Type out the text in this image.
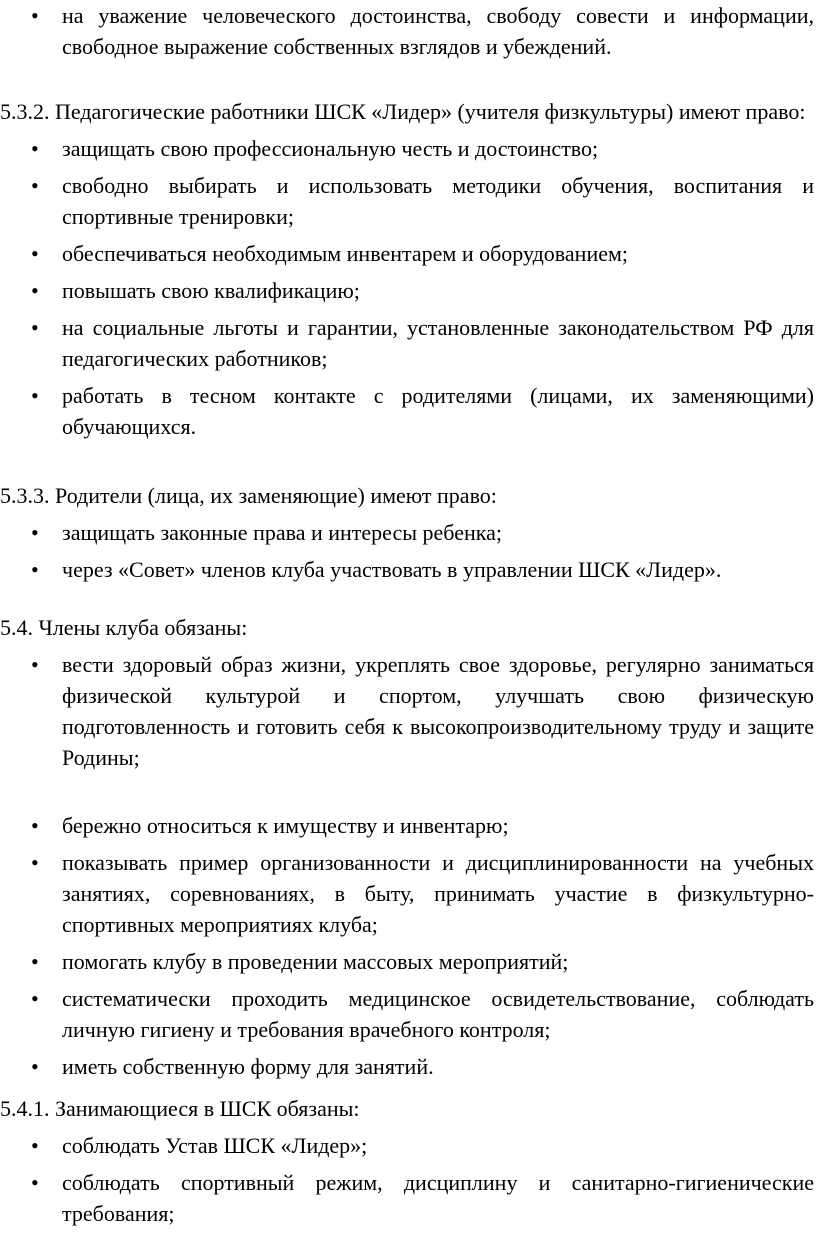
• на уважение человеческого достоинства, свободу совести и информации, свободное выражение собственных взглядов и убеждений.

5.3.2. Педагогические работники ШСК «Лидер» (учителя физкультуры) имеют право:

• защищать свою профессиональную честь и достоинство;
• свободно выбирать и использовать методики обучения, воспитания и спортивные тренировки;
• обеспечиваться необходимым инвентарем и оборудованием;
• повышать свою квалификацию;
• на социальные льготы и гарантии, установленные законодательством РФ для педагогических работников;
• работать в тесном контакте с родителями (лицами, их заменяющими) обучающихся.

5.3.3. Родители (лица, их заменяющие) имеют право:

• защищать законные права и интересы ребенка;
• через «Совет» членов клуба участвовать в управлении ШСК «Лидер».

5.4. Члены клуба обязаны:

• вести здоровый образ жизни, укреплять свое здоровье, регулярно заниматься физической культурой и спортом, улучшать свою физическую подготовленность и готовить себя к высокопроизводительному труду и защите Родины;
• бережно относиться к имуществу и инвентарю;
• показывать пример организованности и дисциплинированности на учебных занятиях, соревнованиях, в быту, принимать участие в физкультурно-спортивных мероприятиях клуба;
• помогать клубу в проведении массовых мероприятий;
• систематически проходить медицинское освидетельствование, соблюдать личную гигиену и требования врачебного контроля;
• иметь собственную форму для занятий.

5.4.1. Занимающиеся в ШСК обязаны:

• соблюдать Устав ШСК «Лидер»;
• соблюдать спортивный режим, дисциплину и санитарно-гигиенические требования;
